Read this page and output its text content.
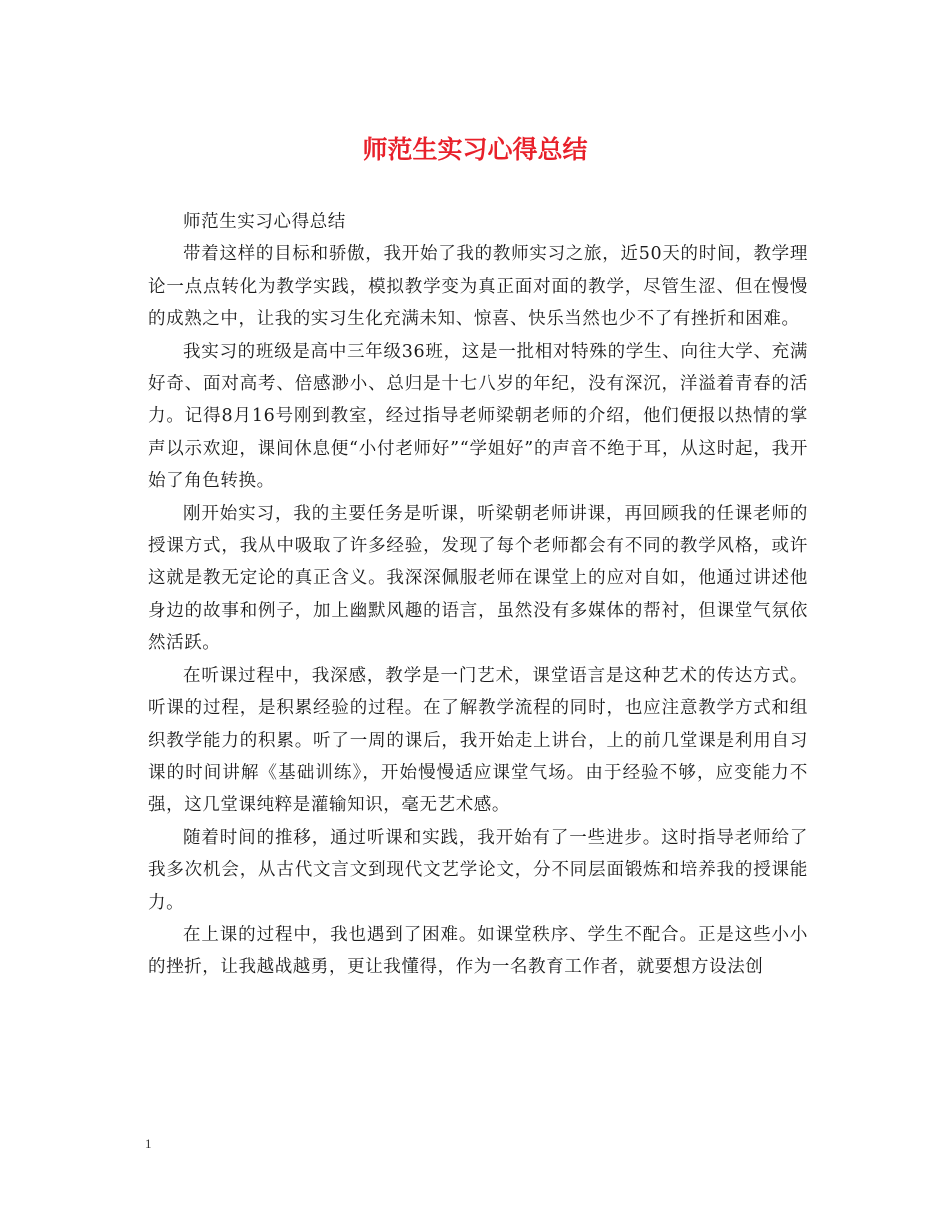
师范生实习心得总结

师范生实习心得总结

带着这样的目标和骄傲，我开始了我的教师实习之旅，近50天的时间，教学理论一点点转化为教学实践，模拟教学变为真正面对面的教学，尽管生涩、但在慢慢的成熟之中，让我的实习生化充满未知、惊喜、快乐当然也少不了有挫折和困难。

我实习的班级是高中三年级36班，这是一批相对特殊的学生、向往大学、充满好奇、面对高考、倍感渺小、总归是十七八岁的年纪，没有深沉，洋溢着青春的活力。记得8月16号刚到教室，经过指导老师梁朝老师的介绍，他们便报以热情的掌声以示欢迎，课间休息便“小付老师好”“学姐好”的声音不绝于耳，从这时起，我开始了角色转换。

刚开始实习，我的主要任务是听课，听梁朝老师讲课，再回顾我的任课老师的授课方式，我从中吸取了许多经验，发现了每个老师都会有不同的教学风格，或许这就是教无定论的真正含义。我深深佩服老师在课堂上的应对自如，他通过讲述他身边的故事和例子，加上幽默风趣的语言，虽然没有多媒体的帮衬，但课堂气氛依然活跃。

在听课过程中，我深感，教学是一门艺术，课堂语言是这种艺术的传达方式。听课的过程，是积累经验的过程。在了解教学流程的同时，也应注意教学方式和组织教学能力的积累。听了一周的课后，我开始走上讲台，上的前几堂课是利用自习课的时间讲解《基础训练》，开始慢慢适应课堂气场。由于经验不够，应变能力不强，这几堂课纯粹是灌输知识，毫无艺术感。

随着时间的推移，通过听课和实践，我开始有了一些进步。这时指导老师给了我多次机会，从古代文言文到现代文艺学论文，分不同层面锻炼和培养我的授课能力。

在上课的过程中，我也遇到了困难。如课堂秩序、学生不配合。正是这些小小的挫折，让我越战越勇，更让我懂得，作为一名教育工作者，就要想方设法创

1
